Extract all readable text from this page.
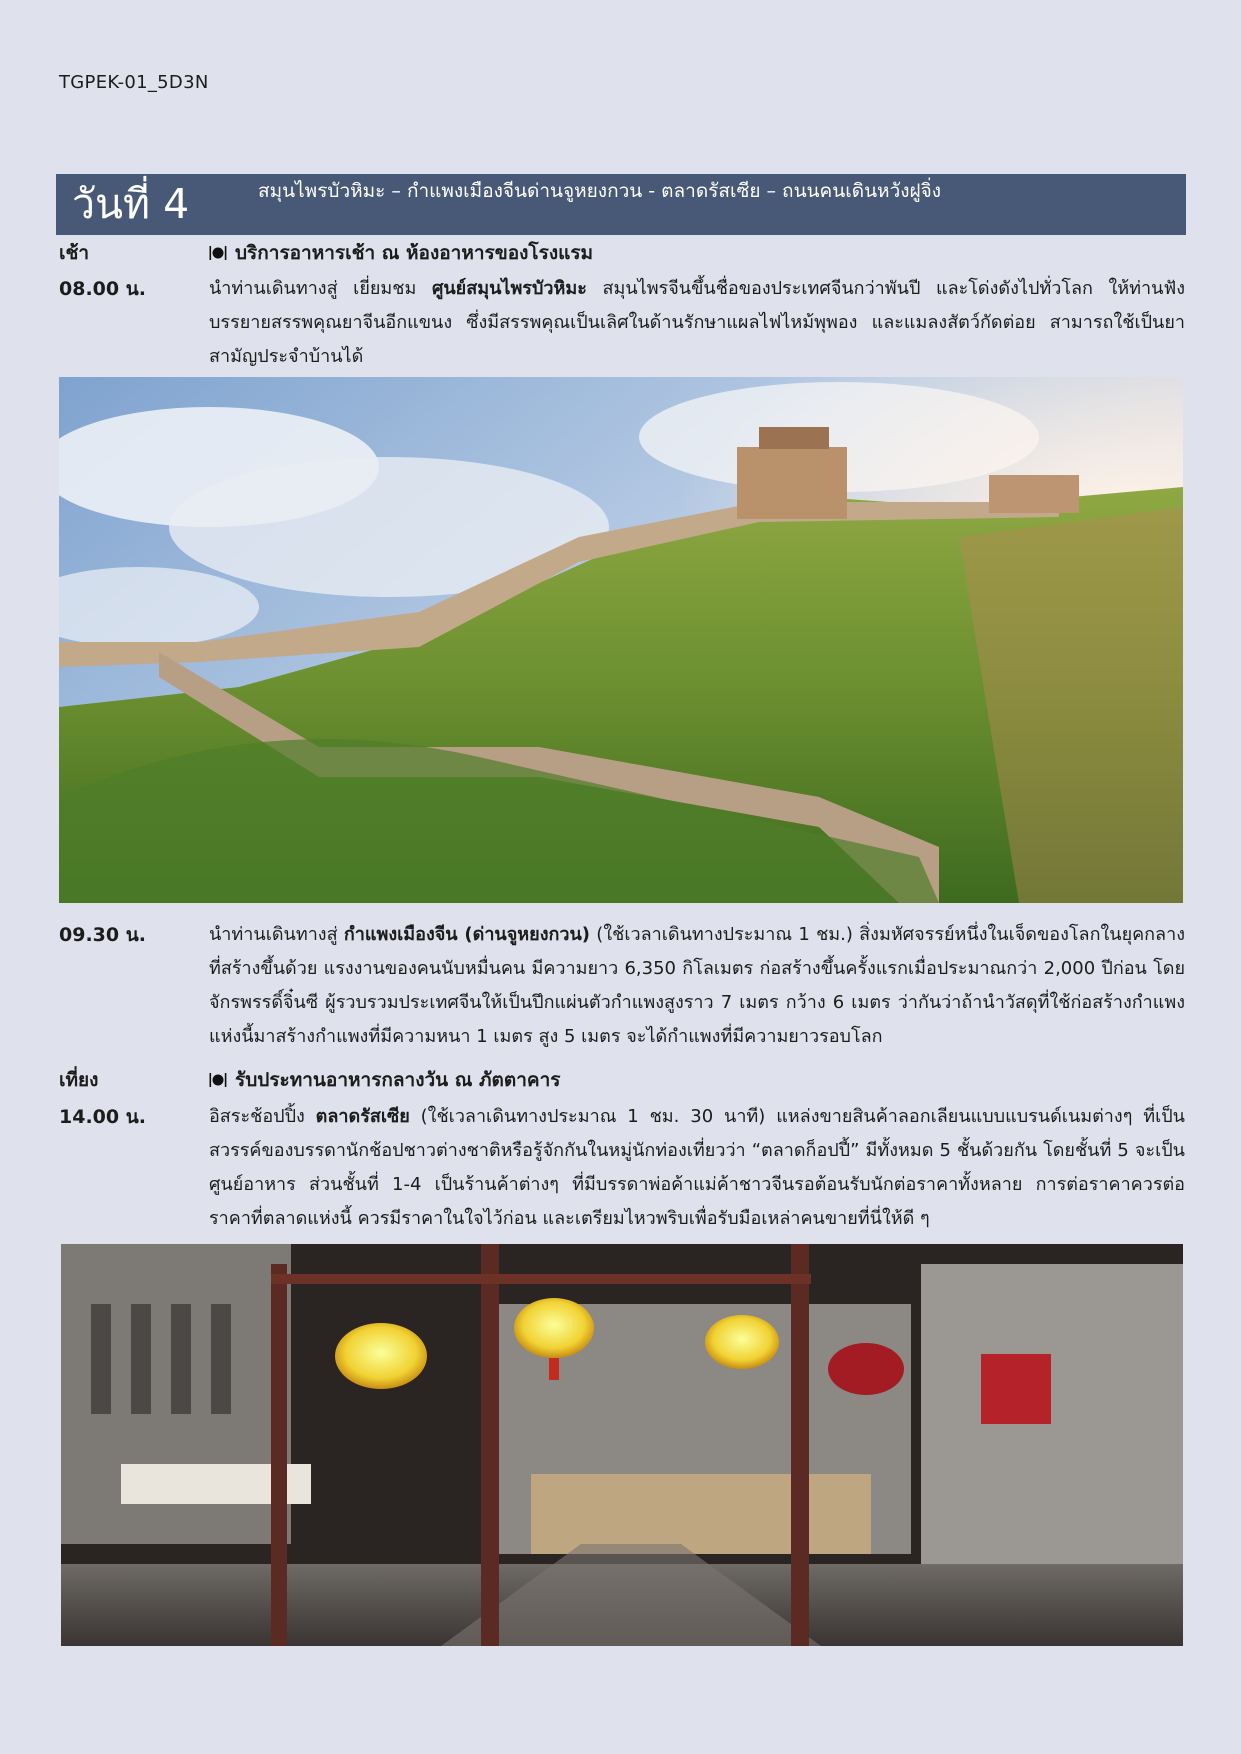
TGPEK-01_5D3N
วันที่ 4	สมุนไพรบัวหิมะ – กำแพงเมืองจีนด่านจูหยงกวน - ตลาดรัสเซีย – ถนนคนเดินหวังฝูจิ่ง
เช้า	บริการอาหารเช้า ณ ห้องอาหารของโรงแรม
08.00 น.	นำท่านเดินทางสู่ เยี่ยมชม ศูนย์สมุนไพรบัวหิมะ สมุนไพรจีนขึ้นชื่อของประเทศจีนกว่าพันปี และโด่งดังไปทั่วโลก ให้ท่านฟังบรรยายสรรพคุณยาจีนอีกแขนง ซึ่งมีสรรพคุณเป็นเลิศในด้านรักษาแผลไฟไหม้พุพอง และแมลงสัตว์กัดต่อย สามารถใช้เป็นยาสามัญประจำบ้านได้
09.30 น.	นำท่านเดินทางสู่ กำแพงเมืองจีน (ด่านจูหยงกวน) (ใช้เวลาเดินทางประมาณ 1 ชม.) สิ่งมหัศจรรย์หนึ่งในเจ็ดของโลกในยุคกลาง ที่สร้างขึ้นด้วย แรงงานของคนนับหมื่นคน มีความยาว 6,350 กิโลเมตร ก่อสร้างขึ้นครั้งแรกเมื่อประมาณกว่า 2,000 ปีก่อน โดยจักรพรรดิ์จิ๋นซี ผู้รวบรวมประเทศจีนให้เป็นปึกแผ่นตัวกำแพงสูงราว 7 เมตร กว้าง 6 เมตร ว่ากันว่าถ้านำวัสดุที่ใช้ก่อสร้างกำแพงแห่งนี้มาสร้างกำแพงที่มีความหนา 1 เมตร สูง 5 เมตร จะได้กำแพงที่มีความยาวรอบโลก
เที่ยง	รับประทานอาหารกลางวัน ณ ภัตตาคาร
14.00 น.	อิสระช้อปปิ้ง ตลาดรัสเซีย (ใช้เวลาเดินทางประมาณ 1 ชม. 30 นาที) แหล่งขายสินค้าลอกเลียนแบบแบรนด์เนมต่างๆ ที่เป็นสวรรค์ของบรรดานักช้อปชาวต่างชาติหรือรู้จักกันในหมู่นักท่องเที่ยวว่า “ตลาดก็อปปี้” มีทั้งหมด 5 ชั้นด้วยกัน โดยชั้นที่ 5 จะเป็นศูนย์อาหาร ส่วนชั้นที่ 1-4 เป็นร้านค้าต่างๆ ที่มีบรรดาพ่อค้าแม่ค้าชาวจีนรอต้อนรับนักต่อราคาทั้งหลาย การต่อราคาควรต่อราคาที่ตลาดแห่งนี้ ควรมีราคาในใจไว้ก่อน และเตรียมไหวพริบเพื่อรับมือเหล่าคนขายที่นี่ให้ดี ๆ
